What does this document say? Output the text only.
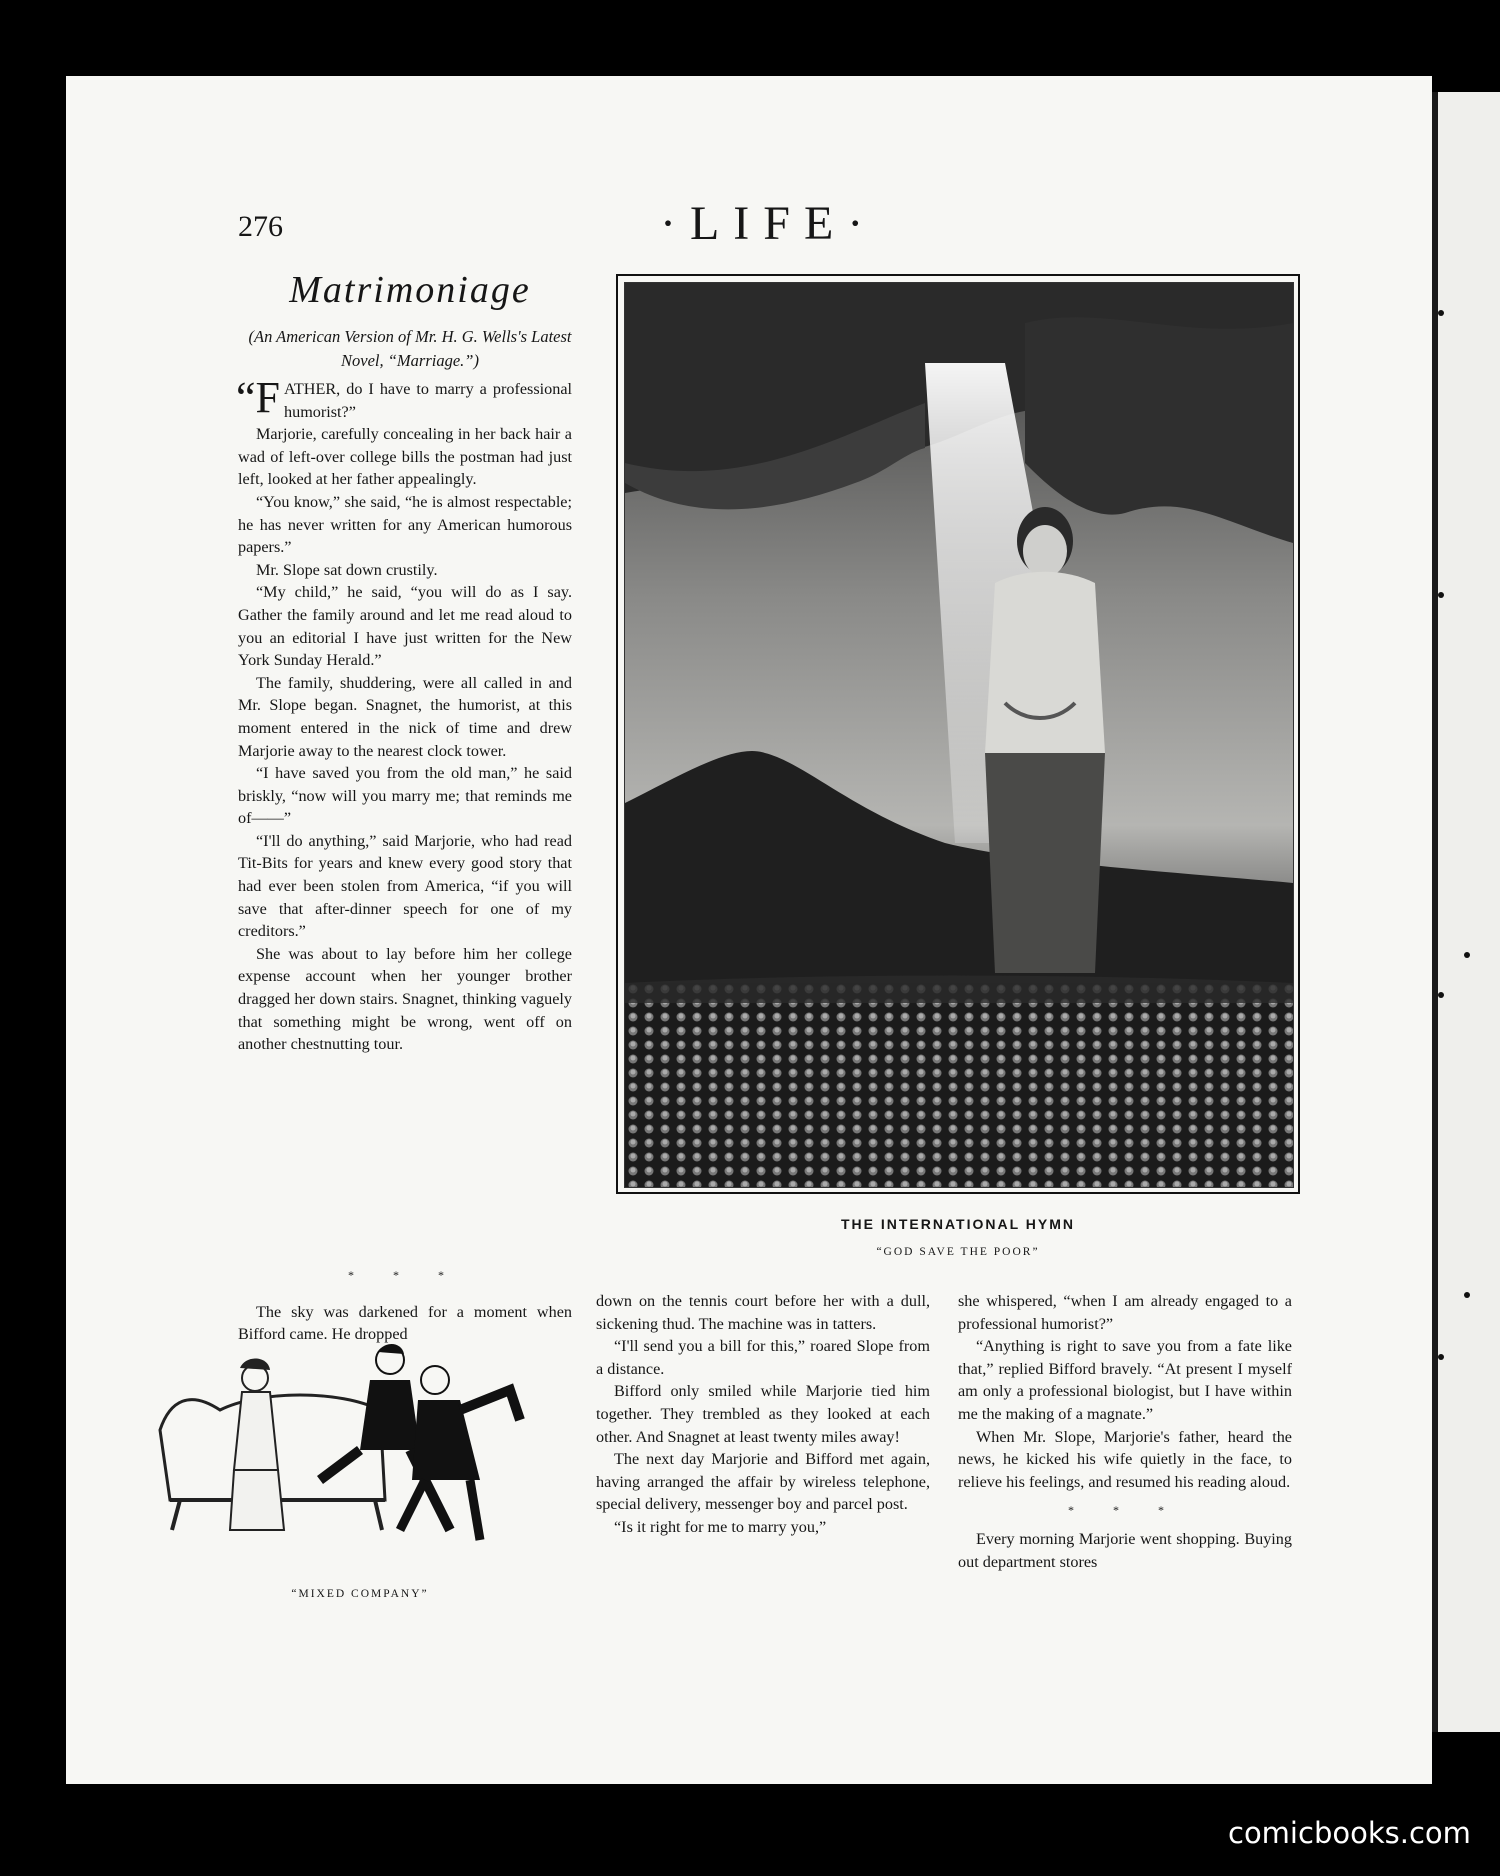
276	·LIFE·
Matrimoniage
(An American Version of Mr. H. G. Wells's Latest Novel, “Marriage.”)

“FATHER, do I have to marry a professional humorist?”

Marjorie, carefully concealing in her back hair a wad of left-over college bills the postman had just left, looked at her father appealingly.

“You know,” she said, “he is almost respectable; he has never written for any American humorous papers.”

Mr. Slope sat down crustily.

“My child,” he said, “you will do as I say. Gather the family around and let me read aloud to you an editorial I have just written for the New York Sunday Herald.”

The family, shuddering, were all called in and Mr. Slope began. Snagnet, the humorist, at this moment entered in the nick of time and drew Marjorie away to the nearest clock tower.

“I have saved you from the old man,” he said briskly, “now will you marry me; that reminds me of——”

“I'll do anything,” said Marjorie, who had read Tit-Bits for years and knew every good story that had ever been stolen from America, “if you will save that after-dinner speech for one of my creditors.”

She was about to lay before him her college expense account when her younger brother dragged her down stairs. Snagnet, thinking vaguely that something might be wrong, went off on another chestnutting tour.

* * *

The sky was darkened for a moment when Bifford came. He dropped

down on the tennis court before her with a dull, sickening thud. The machine was in tatters.

“I'll send you a bill for this,” roared Slope from a distance.

Bifford only smiled while Marjorie tied him together. They trembled as they looked at each other. And Snagnet at least twenty miles away!

The next day Marjorie and Bifford met again, having arranged the affair by wireless telephone, special delivery, messenger boy and parcel post.

“Is it right for me to marry you,”

she whispered, “when I am already engaged to a professional humorist?”

“Anything is right to save you from a fate like that,” replied Bifford bravely. “At present I myself am only a professional biologist, but I have within me the making of a magnate.”

When Mr. Slope, Marjorie's father, heard the news, he kicked his wife quietly in the face, to relieve his feelings, and resumed his reading aloud.

* * *

Every morning Marjorie went shopping. Buying out department stores

THE INTERNATIONAL HYMN
“GOD SAVE THE POOR”
“MIXED COMPANY”
comicbooks.com
